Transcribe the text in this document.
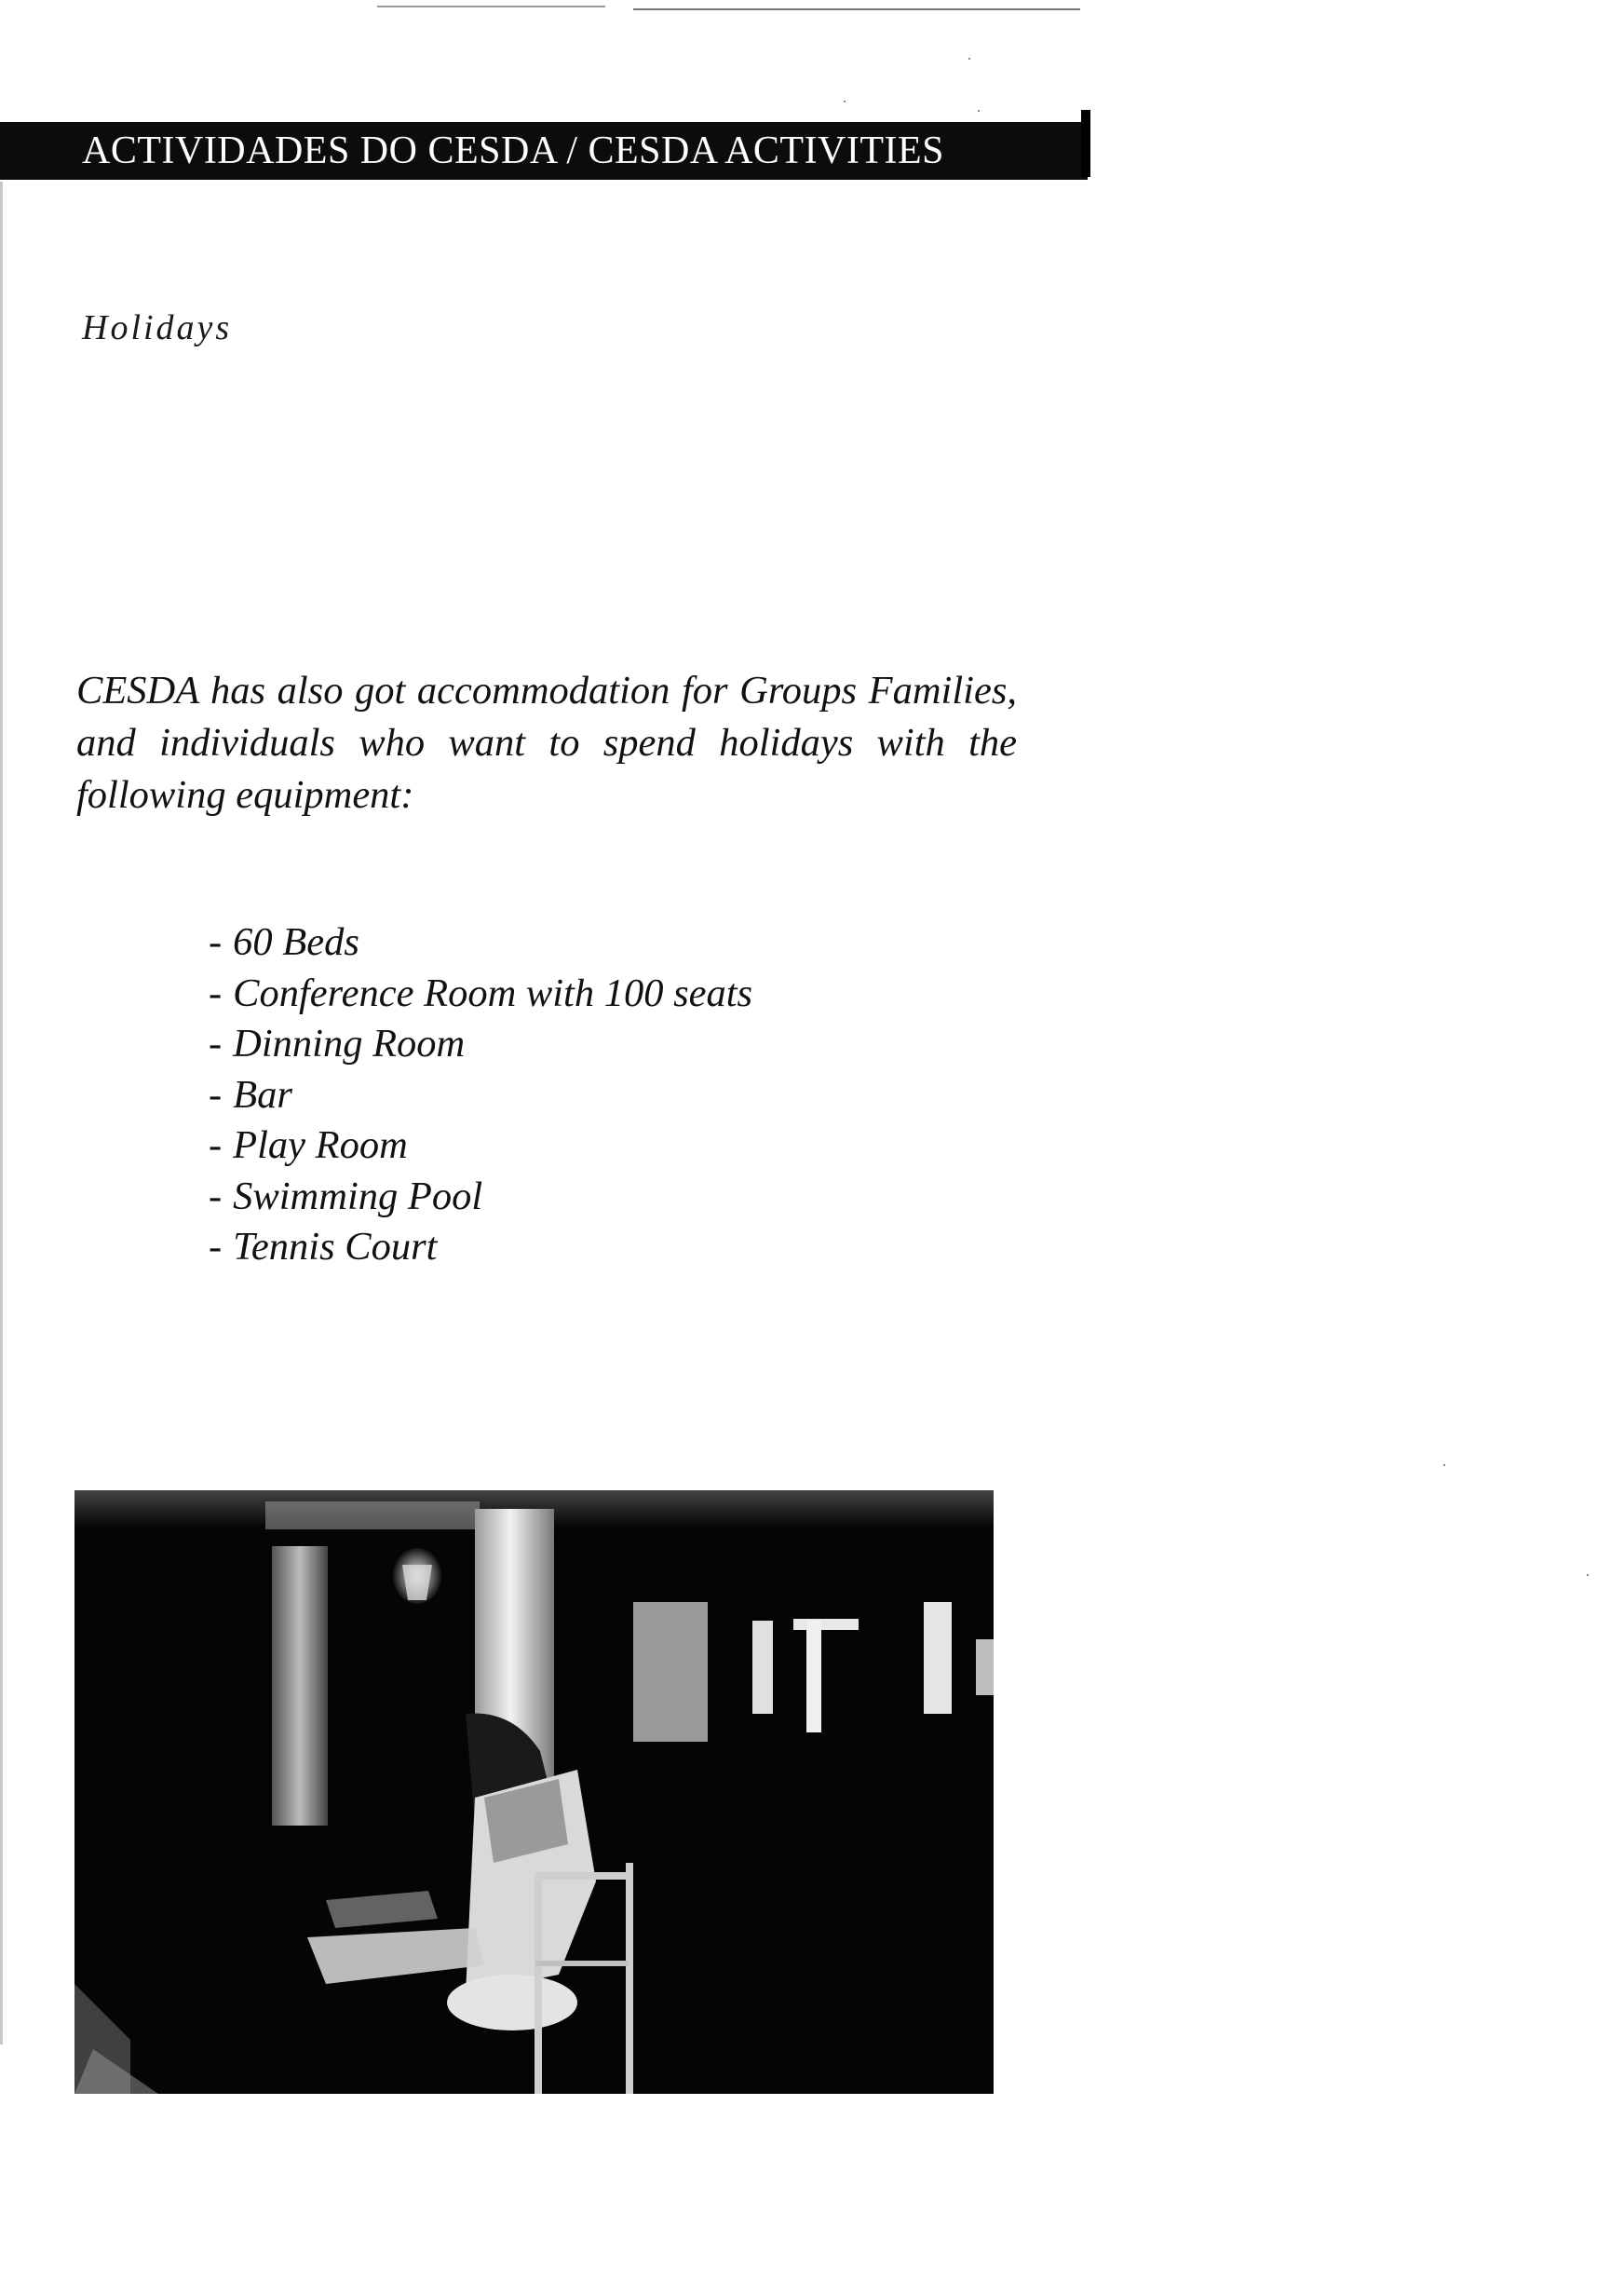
ACTIVIDADES DO CESDA / CESDA ACTIVITIES
Holidays

CESDA has also got accommodation for Groups Families, and individuals who want to spend holidays with the following equipment:

- 60 Beds
- Conference Room with 100 seats
- Dinning Room
- Bar
- Play Room
- Swimming Pool
- Tennis Court
